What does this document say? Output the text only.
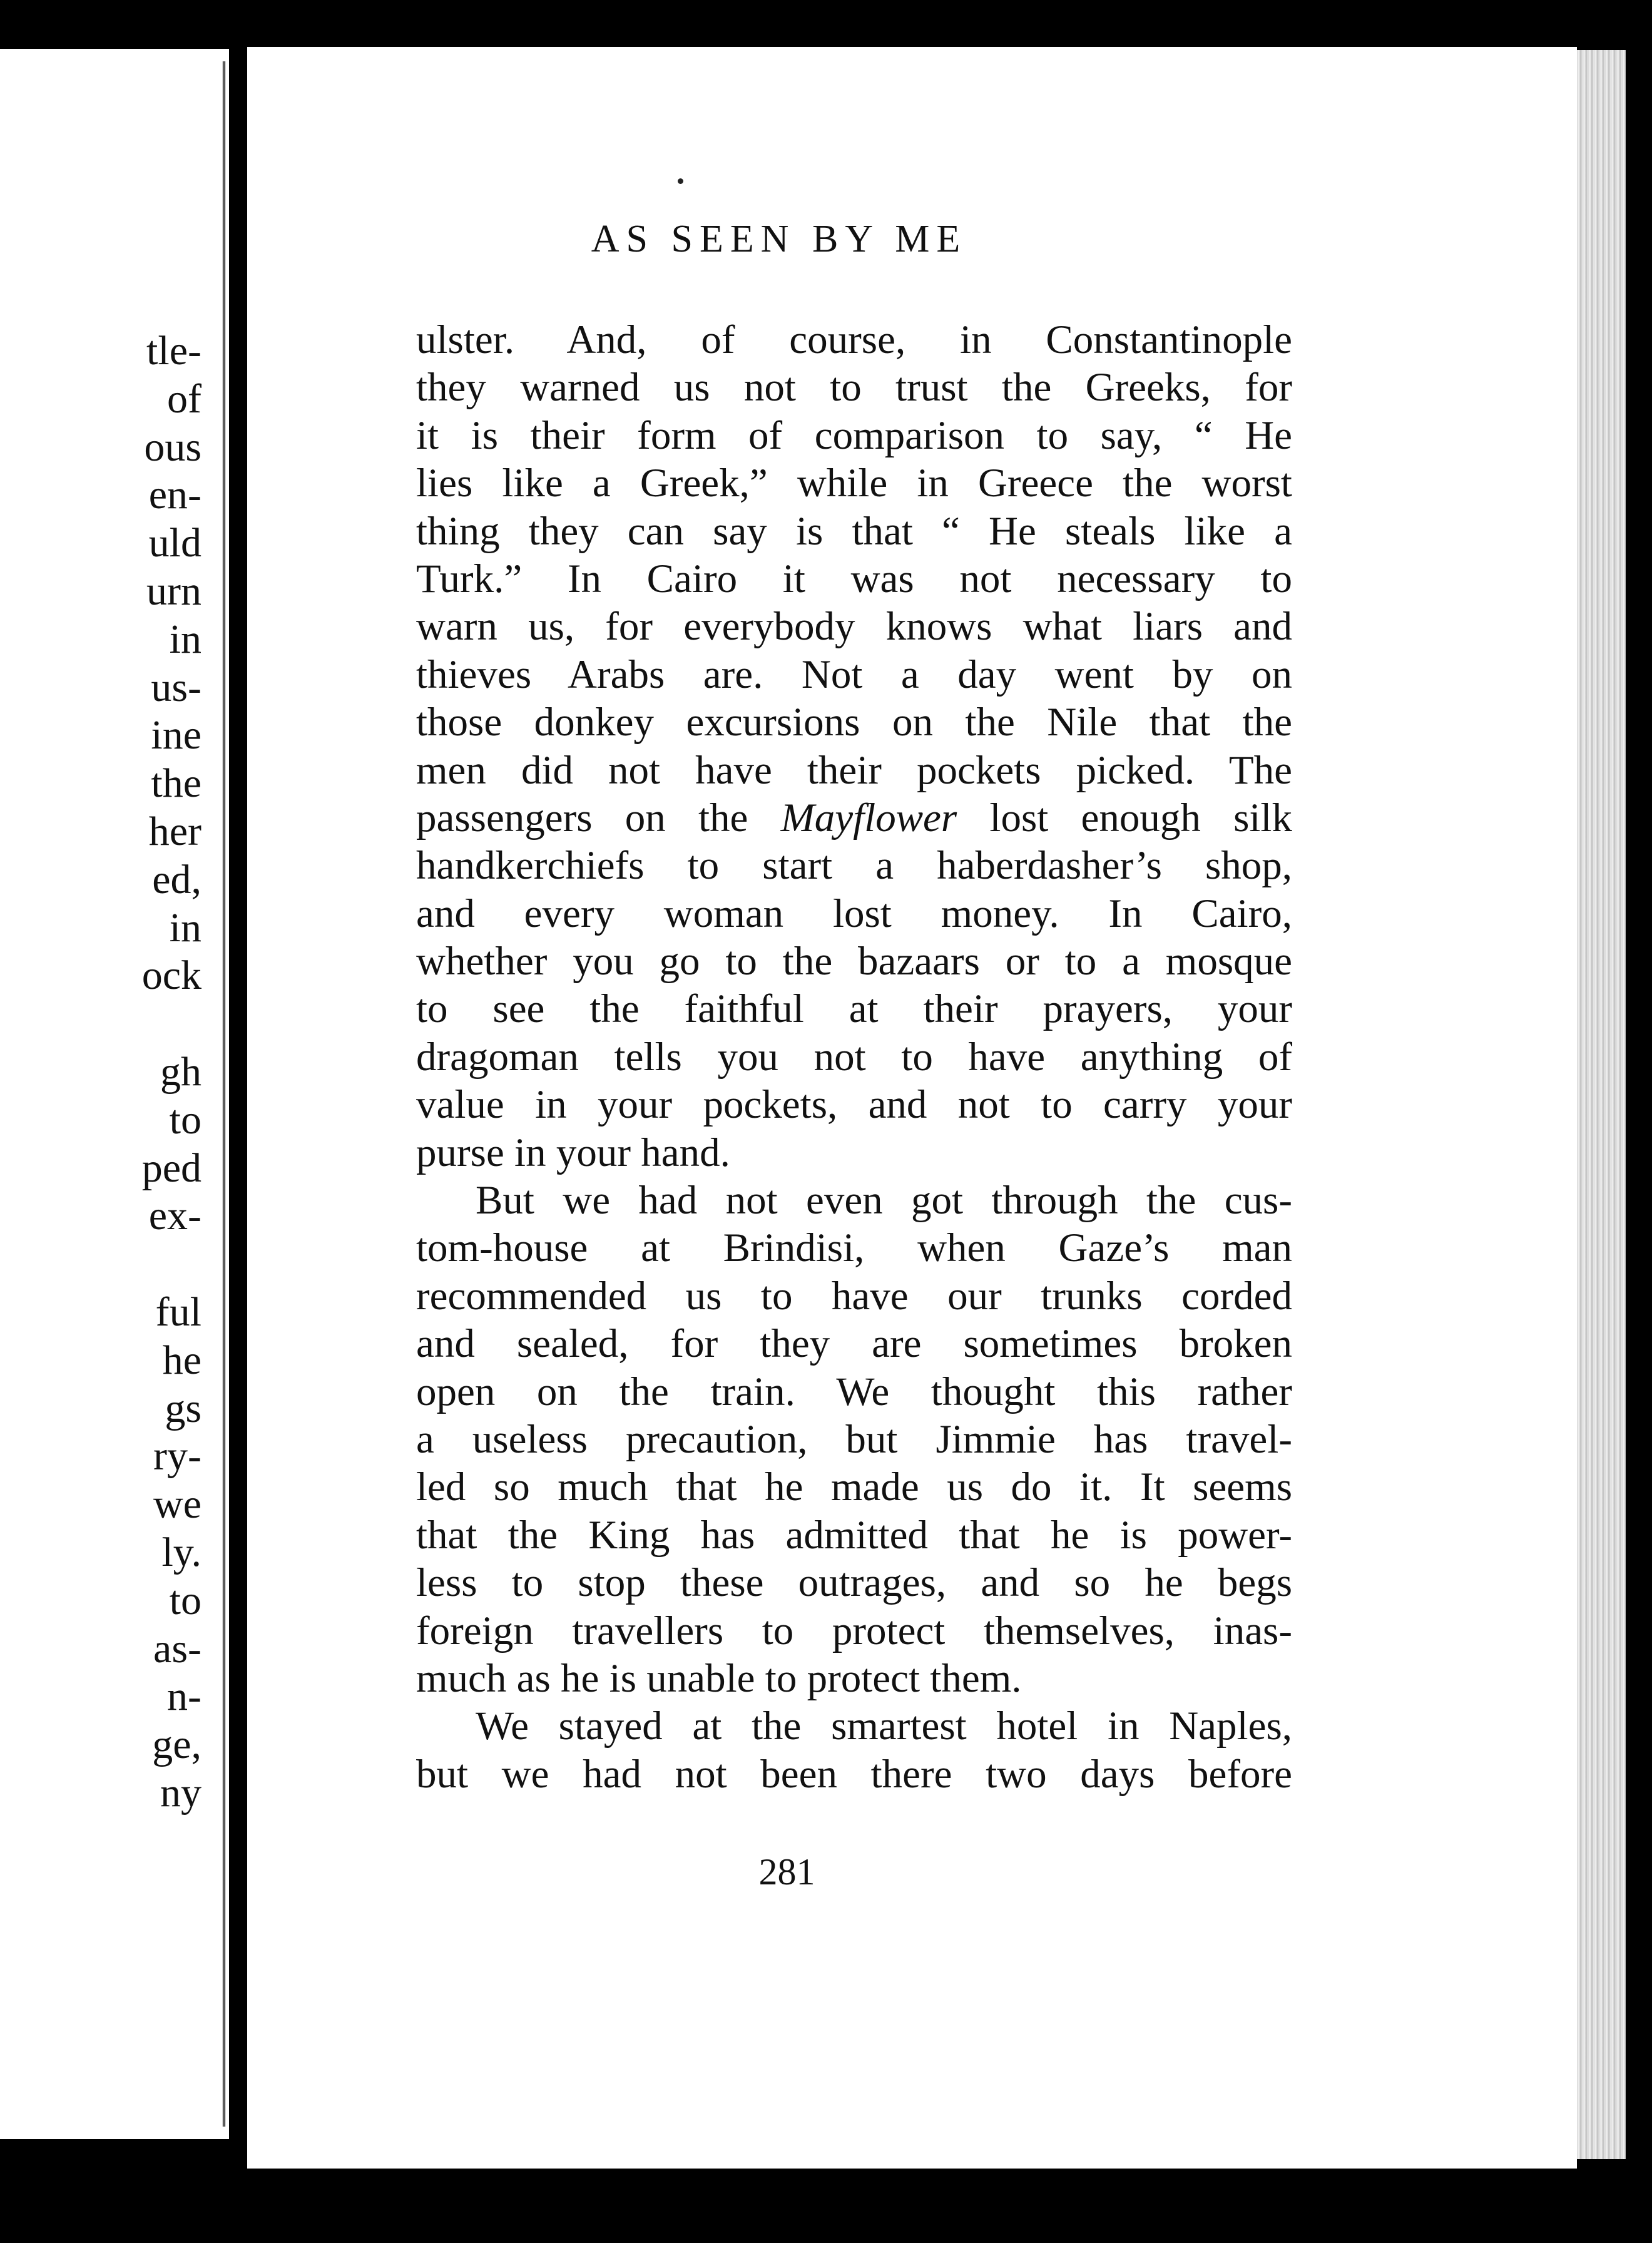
tle-
of
ous
en-
uld
urn
in
us-
ine
the
her
ed,
in
ock
gh
to
ped
ex-
ful
he
gs
ry-
we
ly.
to
as-
n-
ge,
ny
AS SEEN BY ME
ulster. And, of course, in Constantinople
they warned us not to trust the Greeks, for
it is their form of comparison to say, “ He
lies like a Greek,” while in Greece the worst
thing they can say is that “ He steals like a
Turk.” In Cairo it was not necessary to
warn us, for everybody knows what liars and
thieves Arabs are. Not a day went by on
those donkey excursions on the Nile that the
men did not have their pockets picked. The
passengers on the Mayflower lost enough silk
handkerchiefs to start a haberdasher’s shop,
and every woman lost money. In Cairo,
whether you go to the bazaars or to a mosque
to see the faithful at their prayers, your
dragoman tells you not to have anything of
value in your pockets, and not to carry your
purse in your hand.
But we had not even got through the cus-
tom-house at Brindisi, when Gaze’s man
recommended us to have our trunks corded
and sealed, for they are sometimes broken
open on the train. We thought this rather
a useless precaution, but Jimmie has travel-
led so much that he made us do it. It seems
that the King has admitted that he is power-
less to stop these outrages, and so he begs
foreign travellers to protect themselves, inas-
much as he is unable to protect them.
We stayed at the smartest hotel in Naples,
but we had not been there two days before
281
